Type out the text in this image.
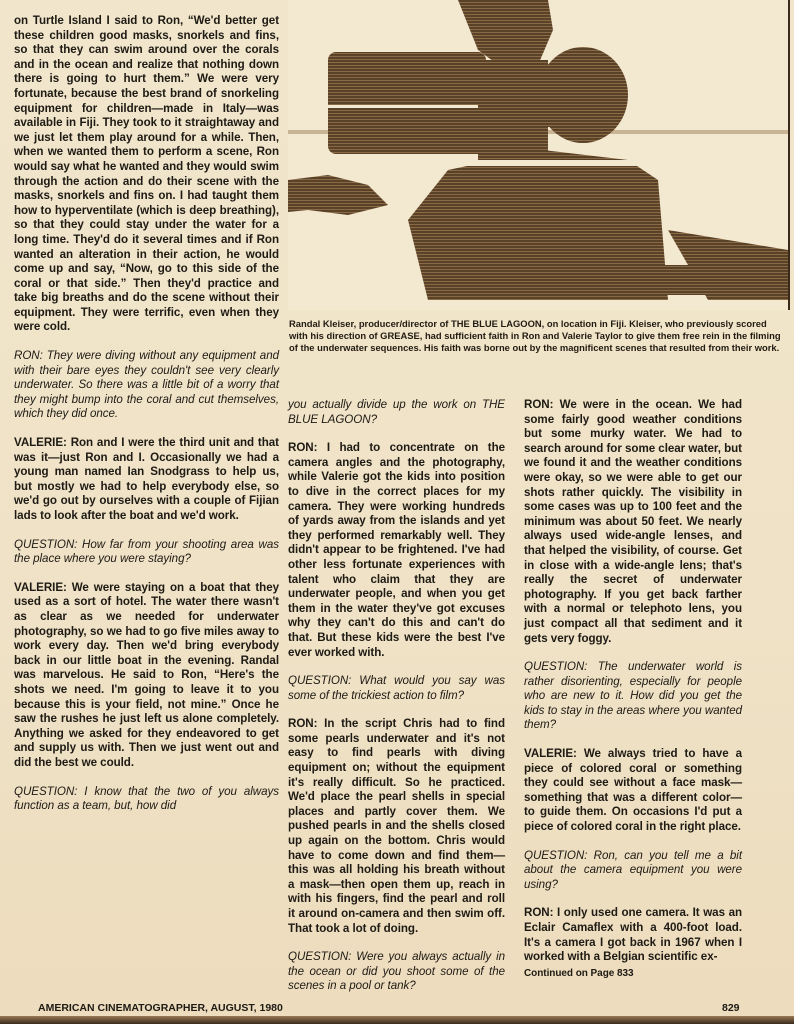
Randal Kleiser, producer/director of THE BLUE LAGOON, on location in Fiji. Kleiser, who previously scored with his direction of GREASE, had sufficient faith in Ron and Valerie Taylor to give them free rein in the filming of the underwater sequences. His faith was borne out by the magnificent scenes that resulted from their work.

on Turtle Island I said to Ron, “We'd better get these children good masks, snorkels and fins, so that they can swim around over the corals and in the ocean and realize that nothing down there is going to hurt them.” We were very fortunate, because the best brand of snorkeling equipment for children—made in Italy—was available in Fiji. They took to it straightaway and we just let them play around for a while. Then, when we wanted them to perform a scene, Ron would say what he wanted and they would swim through the action and do their scene with the masks, snorkels and fins on. I had taught them how to hyperventilate (which is deep breathing), so that they could stay under the water for a long time. They'd do it several times and if Ron wanted an alteration in their action, he would come up and say, “Now, go to this side of the coral or that side.” Then they'd practice and take big breaths and do the scene without their equipment. They were terrific, even when they were cold.

RON: They were diving without any equipment and with their bare eyes they couldn't see very clearly underwater. So there was a little bit of a worry that they might bump into the coral and cut themselves, which they did once.

VALERIE: Ron and I were the third unit and that was it—just Ron and I. Occasionally we had a young man named Ian Snodgrass to help us, but mostly we had to help everybody else, so we'd go out by ourselves with a couple of Fijian lads to look after the boat and we'd work.

QUESTION: How far from your shooting area was the place where you were staying?

VALERIE: We were staying on a boat that they used as a sort of hotel. The water there wasn't as clear as we needed for underwater photography, so we had to go five miles away to work every day. Then we'd bring everybody back in our little boat in the evening. Randal was marvelous. He said to Ron, “Here's the shots we need. I'm going to leave it to you because this is your field, not mine.” Once he saw the rushes he just left us alone completely. Anything we asked for they endeavored to get and supply us with. Then we just went out and did the best we could.

QUESTION: I know that the two of you always function as a team, but, how did

you actually divide up the work on THE BLUE LAGOON?

RON: I had to concentrate on the camera angles and the photography, while Valerie got the kids into position to dive in the correct places for my camera. They were working hundreds of yards away from the islands and yet they performed remarkably well. They didn't appear to be frightened. I've had other less fortunate experiences with talent who claim that they are underwater people, and when you get them in the water they've got excuses why they can't do this and can't do that. But these kids were the best I've ever worked with.

QUESTION: What would you say was some of the trickiest action to film?

RON: In the script Chris had to find some pearls underwater and it's not easy to find pearls with diving equipment on; without the equipment it's really difficult. So he practiced. We'd place the pearl shells in special places and partly cover them. We pushed pearls in and the shells closed up again on the bottom. Chris would have to come down and find them—this was all holding his breath without a mask—then open them up, reach in with his fingers, find the pearl and roll it around on-camera and then swim off. That took a lot of doing.

QUESTION: Were you always actually in the ocean or did you shoot some of the scenes in a pool or tank?

RON: We were in the ocean. We had some fairly good weather conditions but some murky water. We had to search around for some clear water, but we found it and the weather conditions were okay, so we were able to get our shots rather quickly. The visibility in some cases was up to 100 feet and the minimum was about 50 feet. We nearly always used wide-angle lenses, and that helped the visibility, of course. Get in close with a wide-angle lens; that's really the secret of underwater photography. If you get back farther with a normal or telephoto lens, you just compact all that sediment and it gets very foggy.

QUESTION: The underwater world is rather disorienting, especially for people who are new to it. How did you get the kids to stay in the areas where you wanted them?

VALERIE: We always tried to have a piece of colored coral or something they could see without a face mask—something that was a different color—to guide them. On occasions I'd put a piece of colored coral in the right place.

QUESTION: Ron, can you tell me a bit about the camera equipment you were using?

RON: I only used one camera. It was an Eclair Camaflex with a 400-foot load. It's a camera I got back in 1967 when I worked with a Belgian scientific ex-

Continued on Page 833
AMERICAN CINEMATOGRAPHER, AUGUST, 1980	829
